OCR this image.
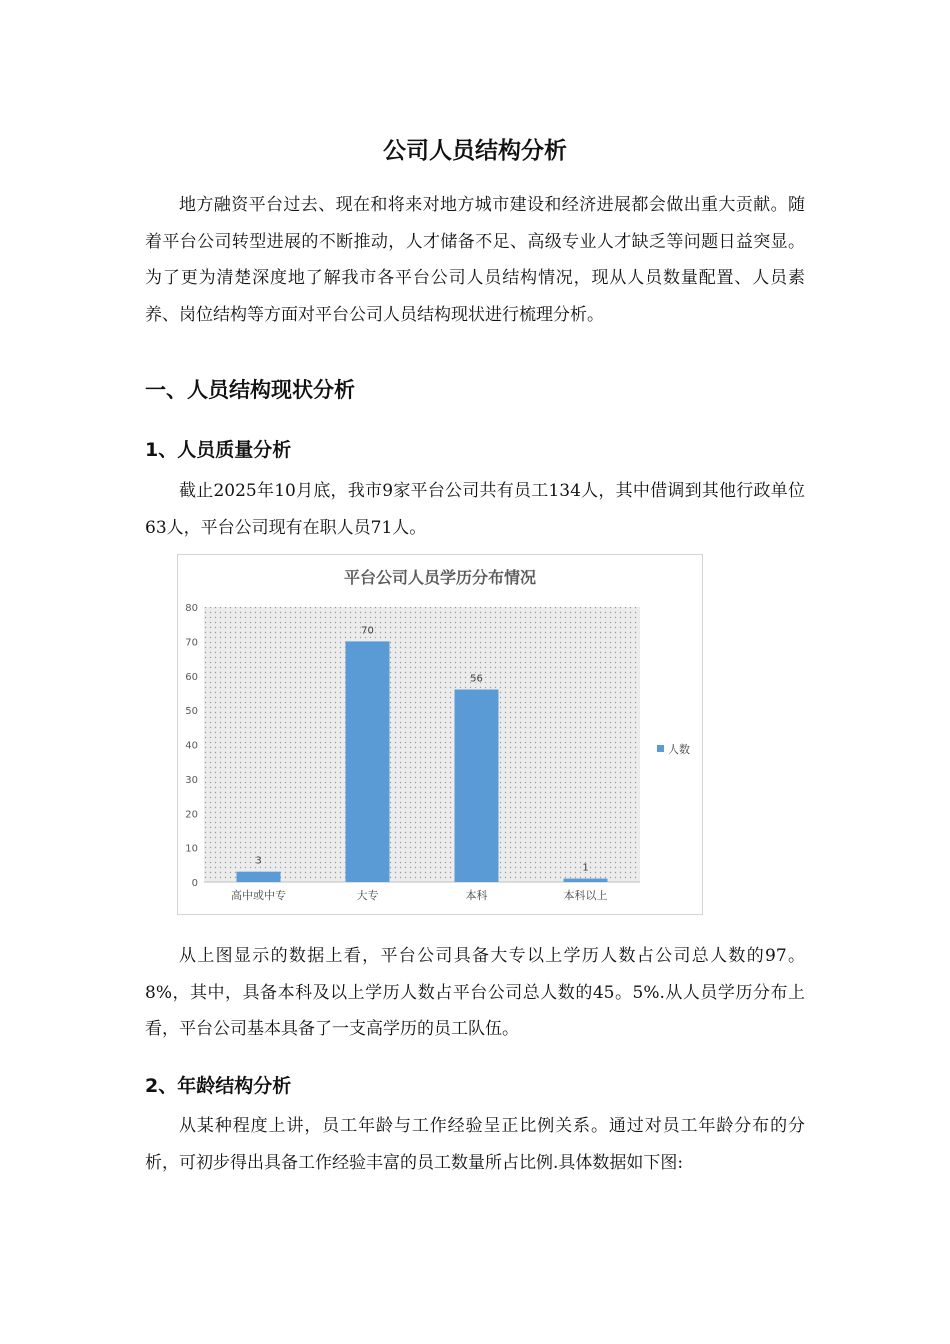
公司人员结构分析

地方融资平台过去、现在和将来对地方城市建设和经济进展都会做出重大贡献。随着平台公司转型进展的不断推动，人才储备不足、高级专业人才缺乏等问题日益突显。为了更为清楚深度地了解我市各平台公司人员结构情况，现从人员数量配置、人员素养、岗位结构等方面对平台公司人员结构现状进行梳理分析。

一、人员结构现状分析
1、人员质量分析

截止2025年10月底，我市9家平台公司共有员工134人，其中借调到其他行政单位63人，平台公司现有在职人员71人。

平台公司人员学历分布情况
0
10
20
30
40
50
60
70
80
3
高中或中专
70
大专
56
本科
1
本科以上
人数

从上图显示的数据上看，平台公司具备大专以上学历人数占公司总人数的97。8%，其中，具备本科及以上学历人数占平台公司总人数的45。5%.从人员学历分布上看，平台公司基本具备了一支高学历的员工队伍。

2、年龄结构分析

从某种程度上讲，员工年龄与工作经验呈正比例关系。通过对员工年龄分布的分析，可初步得出具备工作经验丰富的员工数量所占比例.具体数据如下图:
